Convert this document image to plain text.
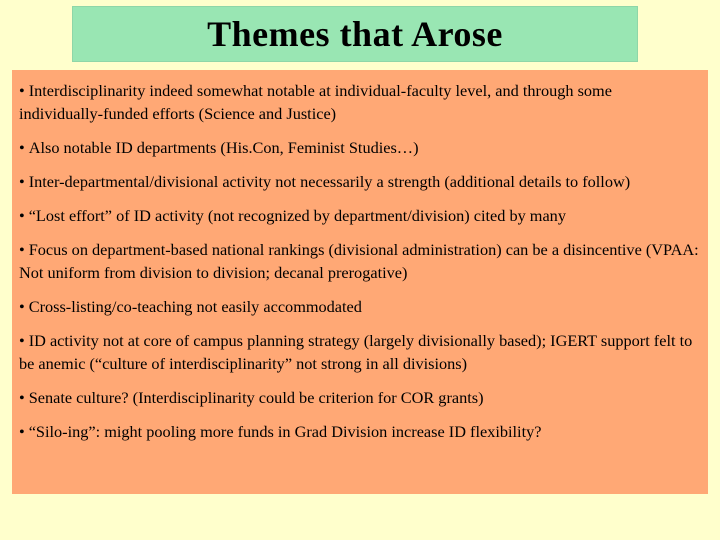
Themes that Arose
• Interdisciplinarity indeed somewhat notable at individual-faculty level, and through some individually-funded efforts (Science and Justice)
• Also notable ID departments (His.Con, Feminist Studies…)
• Inter-departmental/divisional activity not necessarily a strength (additional details to follow)
• “Lost effort” of ID activity (not recognized by department/division) cited by many
• Focus on department-based national rankings (divisional administration) can be a disincentive (VPAA: Not uniform from division to division; decanal prerogative)
• Cross-listing/co-teaching not easily accommodated
• ID activity not at core of campus planning strategy (largely divisionally based); IGERT support felt to be anemic (“culture of interdisciplinarity” not strong in all divisions)
• Senate culture? (Interdisciplinarity could be criterion for COR grants)
• “Silo-ing”: might pooling more funds in Grad Division increase ID flexibility?
